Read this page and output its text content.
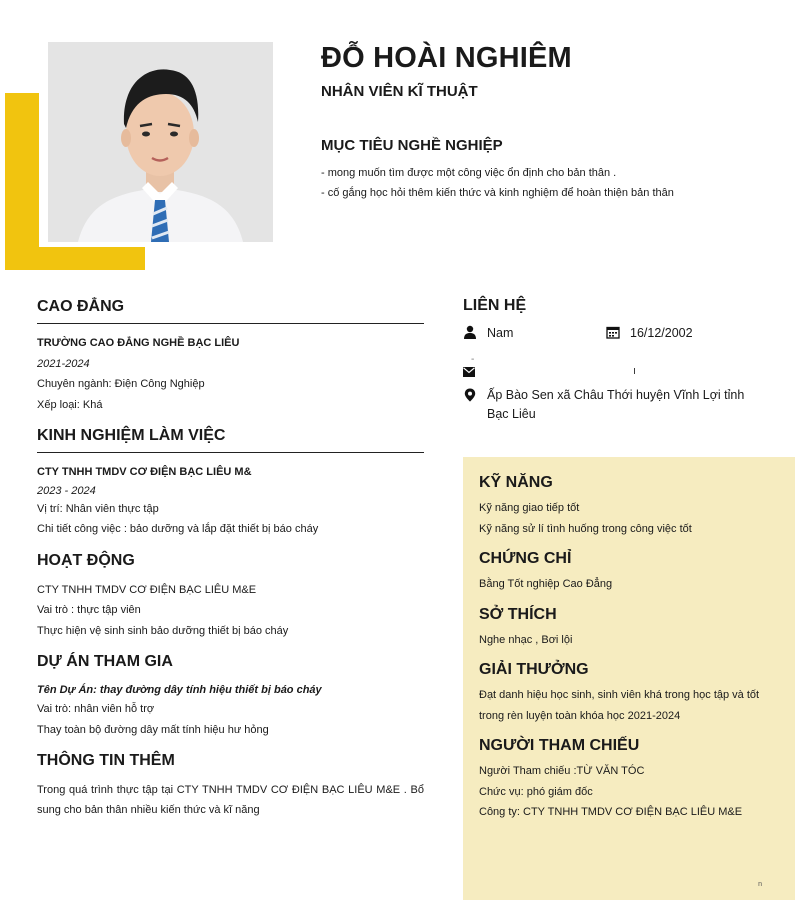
ĐỖ HOÀI NGHIÊM
NHÂN VIÊN KĨ THUẬT
MỤC TIÊU NGHỀ NGHIỆP
- mong muốn tìm được một công việc ổn định cho bản thân .
- cố gắng học hỏi thêm kiến thức và kinh nghiệm để hoàn thiện bản thân
CAO ĐẲNG
TRƯỜNG CAO ĐẲNG NGHỀ BẠC LIÊU
2021-2024
Chuyên ngành: Điện Công Nghiệp
Xếp loại: Khá
KINH NGHIỆM LÀM VIỆC
CTY TNHH TMDV CƠ ĐIỆN BẠC LIÊU M&
2023 - 2024
Vị trí: Nhân viên thực tập
Chi tiết công việc : bảo dưỡng và lắp đặt thiết bị báo cháy
HOẠT ĐỘNG
CTY TNHH TMDV CƠ ĐIỆN BẠC LIÊU M&E
Vai trò : thực tập viên
Thực hiện vệ sinh sinh bảo dưỡng thiết bị báo cháy
DỰ ÁN THAM GIA
Tên Dự Án: thay đường dây tính hiệu thiết bị báo cháy
Vai trò: nhân viên hỗ trợ
Thay toàn bộ đường dây mất tính hiệu hư hỏng
THÔNG TIN THÊM
Trong quá trình thực tập tại CTY TNHH TMDV CƠ ĐIỆN BẠC LIÊU M&E . Bổ sung cho bản thân nhiều kiến thức và kĩ năng
LIÊN HỆ
Nam	16/12/2002
-
ı
Ấp Bào Sen xã Châu Thới huyện Vĩnh Lợi tỉnh Bạc Liêu
KỸ NĂNG
Kỹ năng giao tiếp tốt
Kỹ năng sử lí tình huống trong công việc tốt
CHỨNG CHỈ
Bằng Tốt nghiệp Cao Đẳng
SỞ THÍCH
Nghe nhạc , Bơi lội
GIẢI THƯỞNG
Đạt danh hiệu học sinh, sinh viên khá trong học tập và tốt trong rèn luyện toàn khóa học 2021-2024
NGƯỜI THAM CHIẾU
Người Tham chiếu :TỪ VĂN TÓC
Chức vụ: phó giám đốc
Công ty: CTY TNHH TMDV CƠ ĐIỆN BẠC LIÊU M&E
n
